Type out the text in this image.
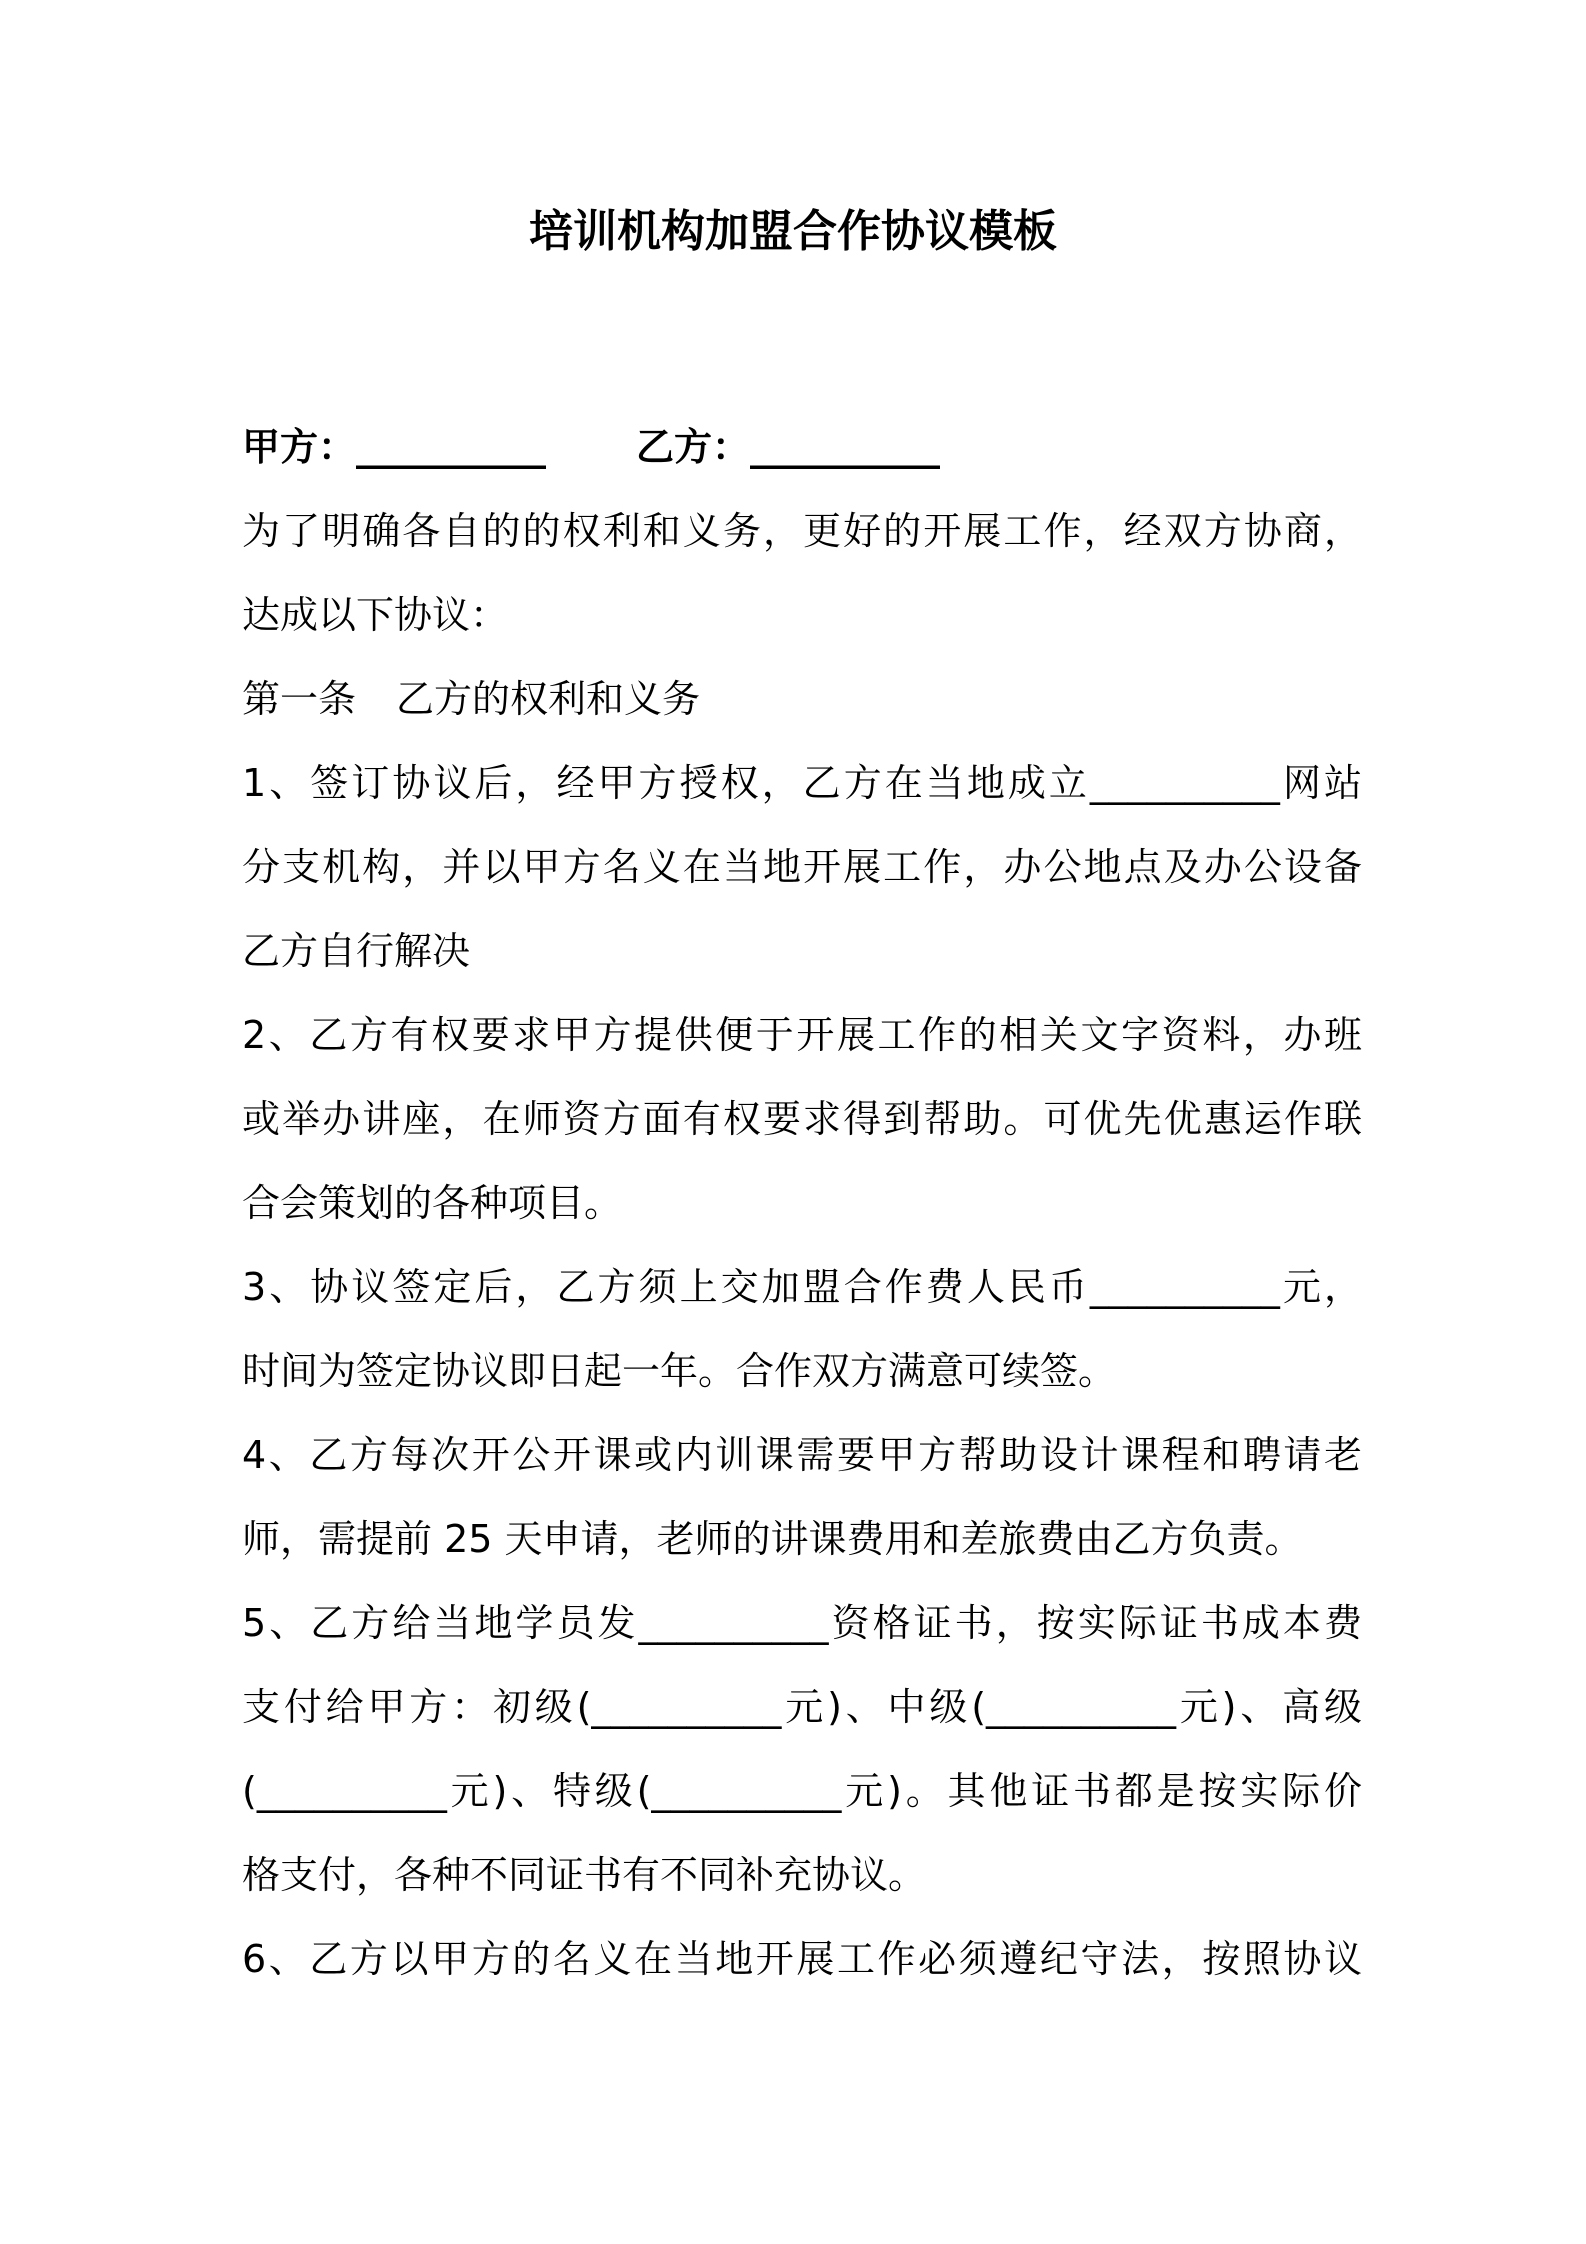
培训机构加盟合作协议模板
甲方：__________ 乙方：__________
为了明确各自的的权利和义务，更好的开展工作，经双方协商，
达成以下协议：
第一条 乙方的权利和义务
1、签订协议后，经甲方授权，乙方在当地成立__________网站
分支机构，并以甲方名义在当地开展工作，办公地点及办公设备
乙方自行解决
2、乙方有权要求甲方提供便于开展工作的相关文字资料，办班
或举办讲座，在师资方面有权要求得到帮助。可优先优惠运作联
合会策划的各种项目。
3、协议签定后，乙方须上交加盟合作费人民币__________元，
时间为签定协议即日起一年。合作双方满意可续签。
4、乙方每次开公开课或内训课需要甲方帮助设计课程和聘请老
师，需提前 25 天申请，老师的讲课费用和差旅费由乙方负责。
5、乙方给当地学员发__________资格证书，按实际证书成本费
支付给甲方：初级(__________元)、中级(__________元)、高级
(__________元)、特级(__________元)。其他证书都是按实际价
格支付，各种不同证书有不同补充协议。
6、乙方以甲方的名义在当地开展工作必须遵纪守法，按照协议
